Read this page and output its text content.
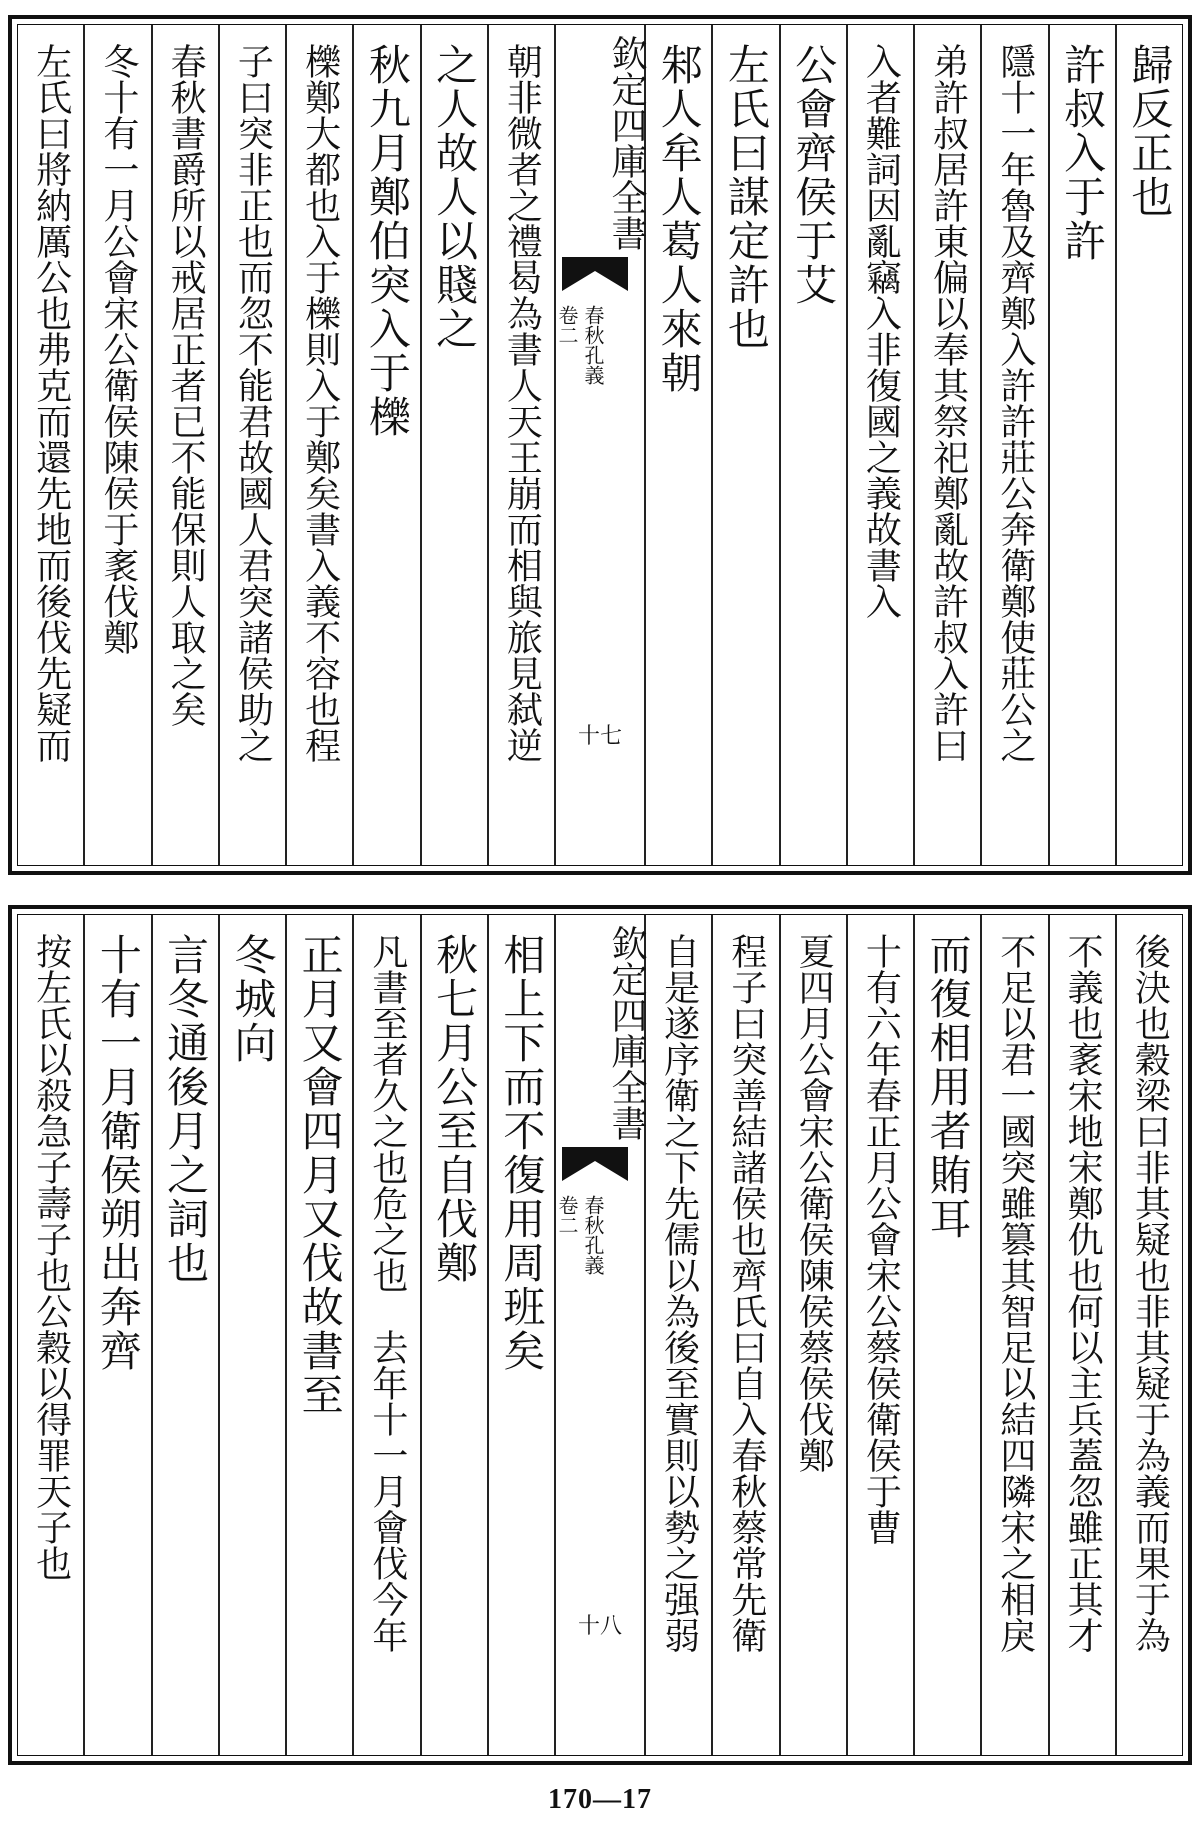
歸反正也
許叔入于許
隱十一年魯及齊鄭入許許莊公奔衛鄭使莊公之
弟許叔居許東偏以奉其祭祀鄭亂故許叔入許曰
入者難詞因亂竊入非復國之義故書入
公會齊侯于艾
左氏曰謀定許也
邾人牟人葛人來朝
欽定四庫全書
春秋孔義
卷二
十七
朝非微者之禮曷為書人天王崩而相與旅見弑逆
之人故人以賤之
秋九月鄭伯突入于櫟
櫟鄭大都也入于櫟則入于鄭矣書入義不容也程
子曰突非正也而忽不能君故國人君突諸侯助之
春秋書爵所以戒居正者已不能保則人取之矣
冬十有一月公會宋公衛侯陳侯于袲伐鄭
左氏曰將納厲公也弗克而還先地而後伐先疑而
後決也穀梁曰非其疑也非其疑于為義而果于為
不義也袲宋地宋鄭仇也何以主兵蓋忽雖正其才
不足以君一國突雖篡其智足以結四隣宋之相戾
而復相用者賄耳
十有六年春正月公會宋公蔡侯衛侯于曹
夏四月公會宋公衛侯陳侯蔡侯伐鄭
程子曰突善結諸侯也齊氏曰自入春秋蔡常先衛
自是遂序衛之下先儒以為後至實則以勢之强弱
欽定四庫全書
春秋孔義
卷二
十八
相上下而不復用周班矣
秋七月公至自伐鄭
凡書至者久之也危之也　去年十一月會伐今年
正月又會四月又伐故書至
冬城向
言冬通後月之詞也
十有一月衛侯朔出奔齊
按左氏以殺急子壽子也公穀以得罪天子也
170—17
